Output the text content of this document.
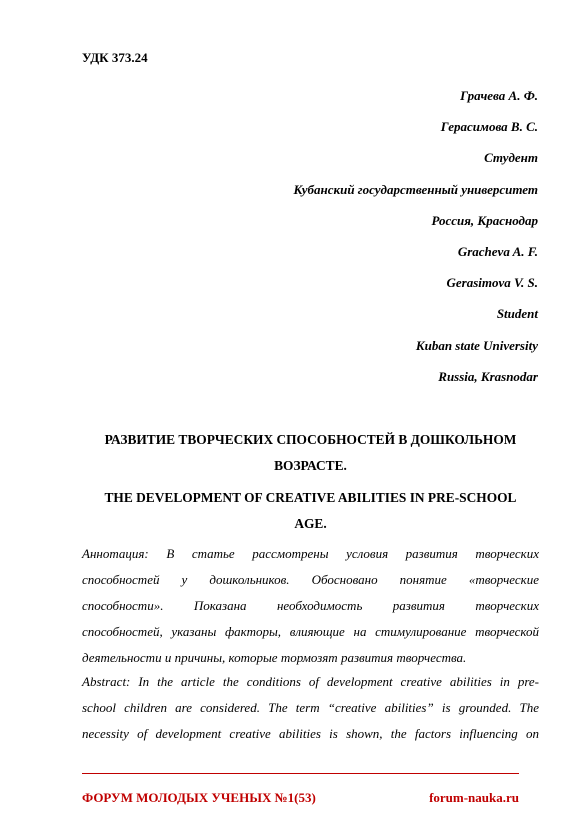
УДК 373.24
Грачева А. Ф.
Герасимова В. С.
Студент
Кубанский государственный университет
Россия, Краснодар
Gracheva A. F.
Gerasimova V. S.
Student
Kuban state University
Russia, Krasnodar
РАЗВИТИЕ ТВОРЧЕСКИХ СПОСОБНОСТЕЙ В ДОШКОЛЬНОМ
ВОЗРАСТЕ.
THE DEVELOPMENT OF CREATIVE ABILITIES IN PRE-SCHOOL
AGE.
Аннотация: В статье рассмотрены условия развития творческих
способностей у дошкольников. Обосновано понятие «творческие
способности». Показана необходимость развития творческих
способностей, указаны факторы, влияющие на стимулирование творческой
деятельности и причины, которые тормозят развития творчества.
Abstract: In the article the conditions of development creative abilities in pre-
school children are considered. The term “creative abilities” is grounded. The
necessity of development creative abilities is shown, the factors influencing on
ФОРУМ МОЛОДЫХ УЧЕНЫХ №1(53)	forum-nauka.ru
